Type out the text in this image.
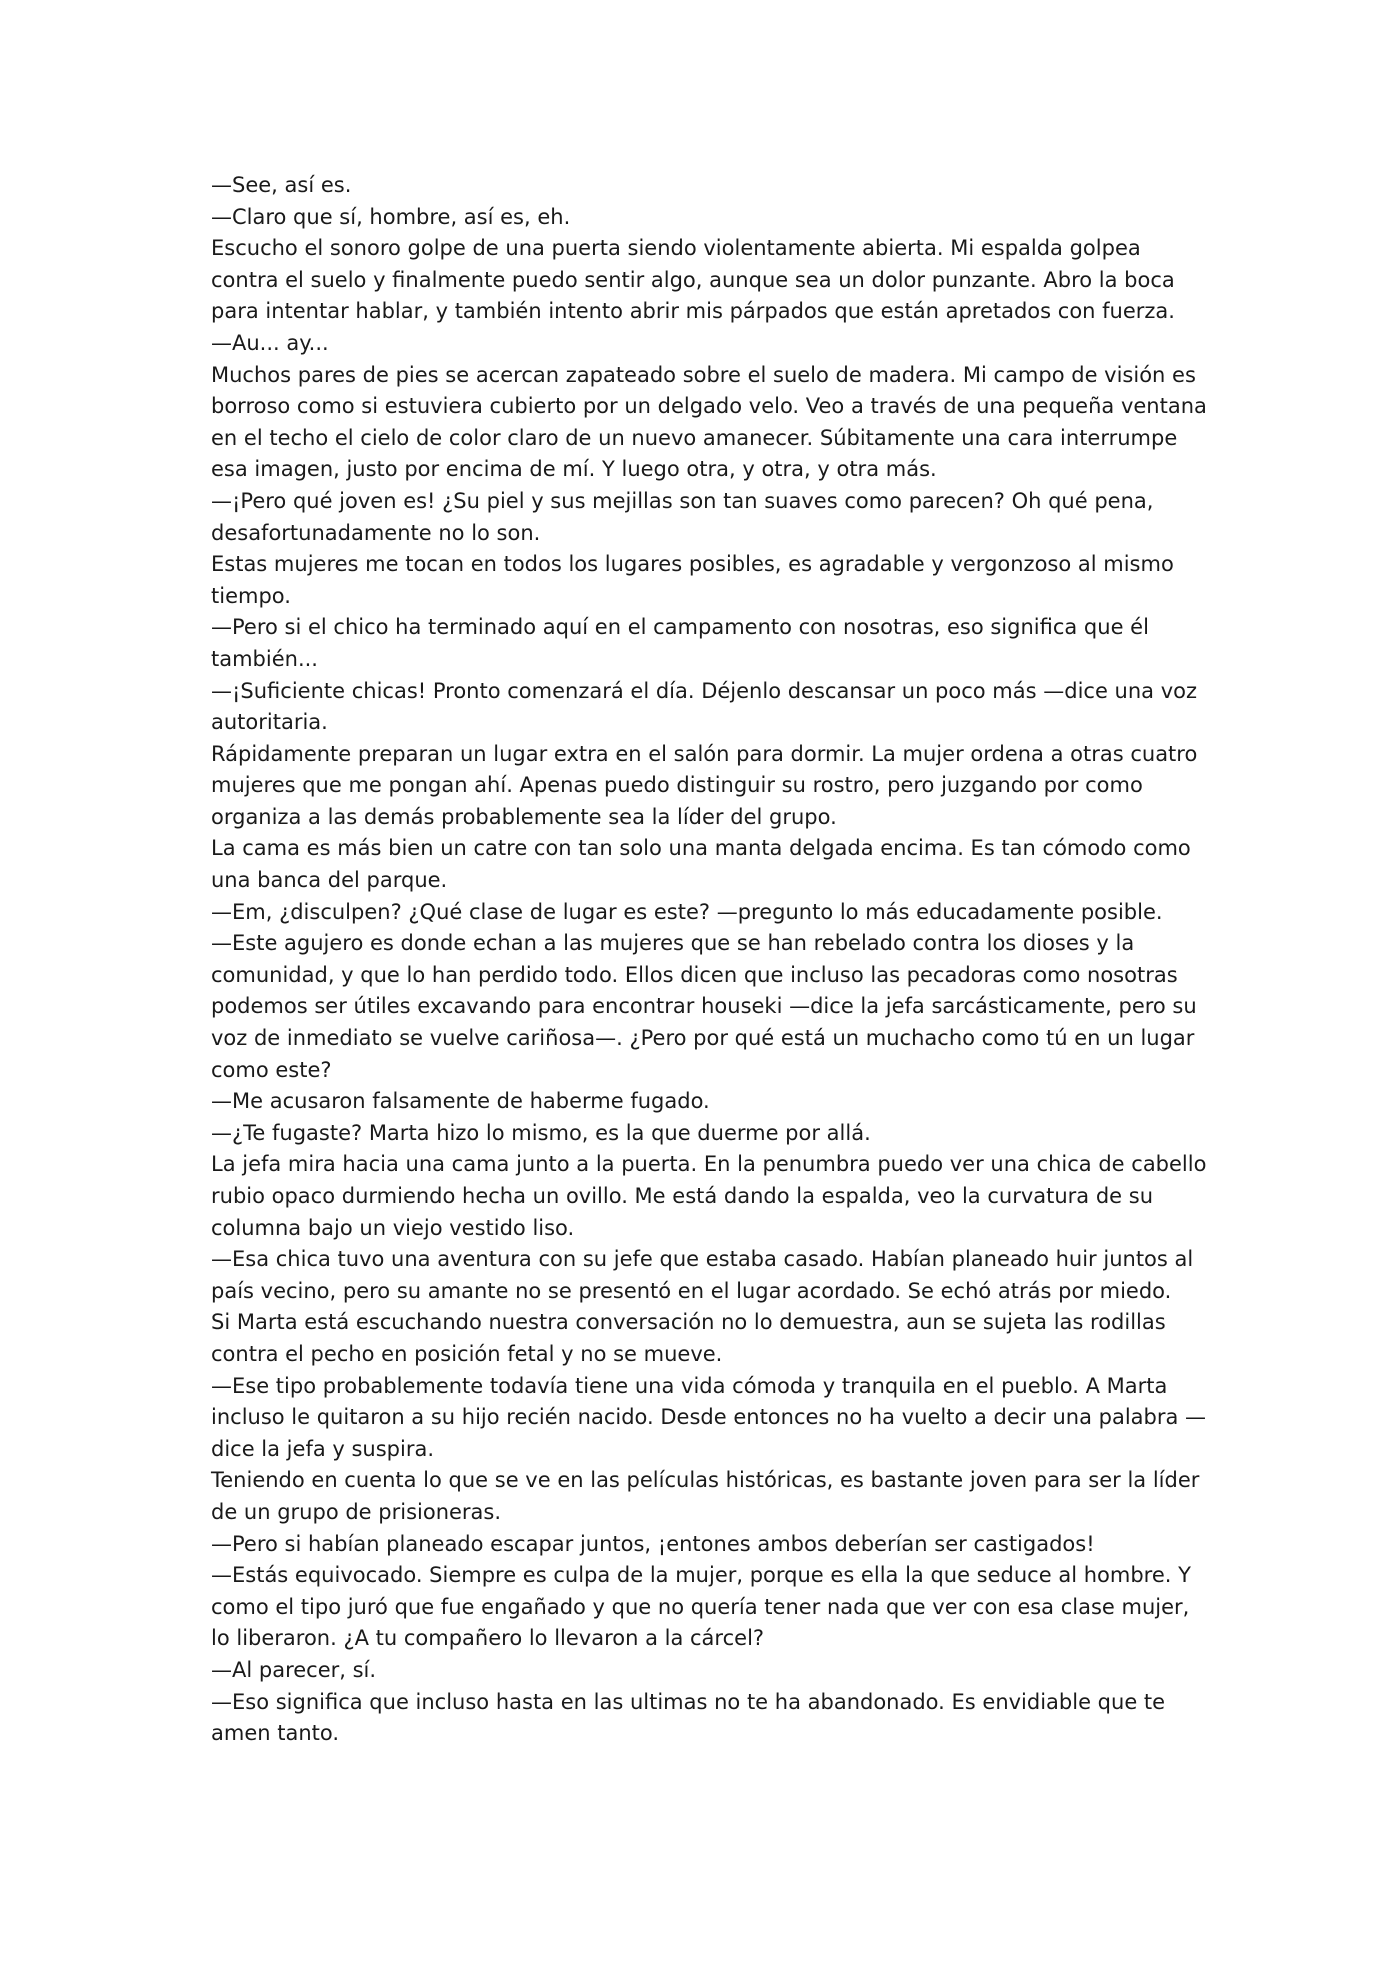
—See, así es.

—Claro que sí, hombre, así es, eh.

Escucho el sonoro golpe de una puerta siendo violentamente abierta. Mi espalda golpea contra el suelo y finalmente puedo sentir algo, aunque sea un dolor punzante. Abro la boca para intentar hablar, y también intento abrir mis párpados que están apretados con fuerza.

—Au... ay...

Muchos pares de pies se acercan zapateado sobre el suelo de madera. Mi campo de visión es borroso como si estuviera cubierto por un delgado velo. Veo a través de una pequeña ventana en el techo el cielo de color claro de un nuevo amanecer. Súbitamente una cara interrumpe esa imagen, justo por encima de mí. Y luego otra, y otra, y otra más.

—¡Pero qué joven es! ¿Su piel y sus mejillas son tan suaves como parecen? Oh qué pena, desafortunadamente no lo son.

Estas mujeres me tocan en todos los lugares posibles, es agradable y vergonzoso al mismo tiempo.

—Pero si el chico ha terminado aquí en el campamento con nosotras, eso significa que él también...

—¡Suficiente chicas! Pronto comenzará el día. Déjenlo descansar un poco más —dice una voz autoritaria.

Rápidamente preparan un lugar extra en el salón para dormir. La mujer ordena a otras cuatro mujeres que me pongan ahí. Apenas puedo distinguir su rostro, pero juzgando por como organiza a las demás probablemente sea la líder del grupo.

La cama es más bien un catre con tan solo una manta delgada encima. Es tan cómodo como una banca del parque.

—Em, ¿disculpen? ¿Qué clase de lugar es este? —pregunto lo más educadamente posible.

—Este agujero es donde echan a las mujeres que se han rebelado contra los dioses y la comunidad, y que lo han perdido todo. Ellos dicen que incluso las pecadoras como nosotras podemos ser útiles excavando para encontrar houseki —dice la jefa sarcásticamente, pero su voz de inmediato se vuelve cariñosa—. ¿Pero por qué está un muchacho como tú en un lugar como este?

—Me acusaron falsamente de haberme fugado.

—¿Te fugaste? Marta hizo lo mismo, es la que duerme por allá.

La jefa mira hacia una cama junto a la puerta. En la penumbra puedo ver una chica de cabello rubio opaco durmiendo hecha un ovillo. Me está dando la espalda, veo la curvatura de su columna bajo un viejo vestido liso.

—Esa chica tuvo una aventura con su jefe que estaba casado. Habían planeado huir juntos al país vecino, pero su amante no se presentó en el lugar acordado. Se echó atrás por miedo.

Si Marta está escuchando nuestra conversación no lo demuestra, aun se sujeta las rodillas contra el pecho en posición fetal y no se mueve.

—Ese tipo probablemente todavía tiene una vida cómoda y tranquila en el pueblo. A Marta incluso le quitaron a su hijo recién nacido. Desde entonces no ha vuelto a decir una palabra —dice la jefa y suspira.

Teniendo en cuenta lo que se ve en las películas históricas, es bastante joven para ser la líder de un grupo de prisioneras.

—Pero si habían planeado escapar juntos, ¡entones ambos deberían ser castigados!

—Estás equivocado. Siempre es culpa de la mujer, porque es ella la que seduce al hombre. Y como el tipo juró que fue engañado y que no quería tener nada que ver con esa clase mujer, lo liberaron. ¿A tu compañero lo llevaron a la cárcel?

—Al parecer, sí.

—Eso significa que incluso hasta en las ultimas no te ha abandonado. Es envidiable que te amen tanto.
